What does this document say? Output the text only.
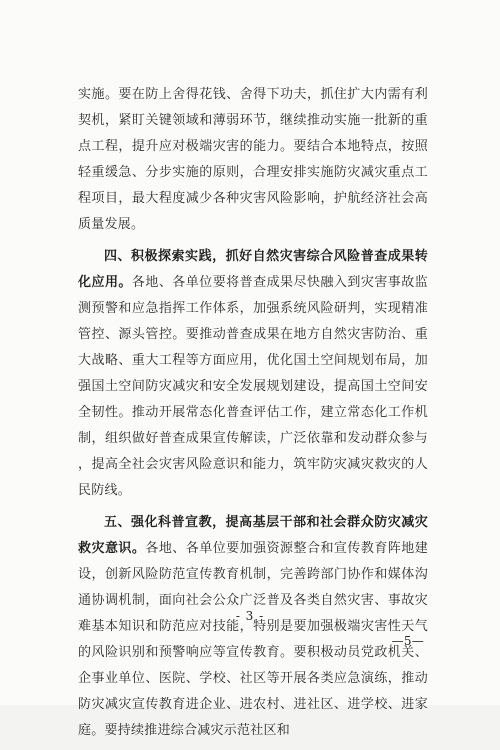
实施。要在防上舍得花钱、舍得下功夫，抓住扩大内需有利契机，紧盯关键领域和薄弱环节，继续推动实施一批新的重点工程，提升应对极端灾害的能力。要结合本地特点，按照轻重缓急、分步实施的原则，合理安排实施防灾减灾重点工程项目，最大程度减少各种灾害风险影响，护航经济社会高质量发展。

四、积极探索实践，抓好自然灾害综合风险普查成果转化应用。各地、各单位要将普查成果尽快融入到灾害事故监测预警和应急指挥工作体系，加强系统风险研判，实现精准管控、源头管控。要推动普查成果在地方自然灾害防治、重大战略、重大工程等方面应用，优化国土空间规划布局，加强国土空间防灾减灾和安全发展规划建设，提高国土空间安全韧性。推动开展常态化普查评估工作，建立常态化工作机制，组织做好普查成果宣传解读，广泛依靠和发动群众参与，提高全社会灾害风险意识和能力，筑牢防灾减灾救灾的人民防线。

五、强化科普宣教，提高基层干部和社会群众防灾减灾救灾意识。各地、各单位要加强资源整合和宣传教育阵地建设，创新风险防范宣传教育机制，完善跨部门协作和媒体沟通协调机制，面向社会公众广泛普及各类自然灾害、事故灾难基本知识和防范应对技能，特别是要加强极端灾害性天气的风险识别和预警响应等宣传教育。要积极动员党政机关、企事业单位、医院、学校、社区等开展各类应急演练，推动防灾减灾宣传教育进企业、进农村、进社区、进学校、进家庭。要持续推进综合减灾示范社区和

- 3 -
—5—
